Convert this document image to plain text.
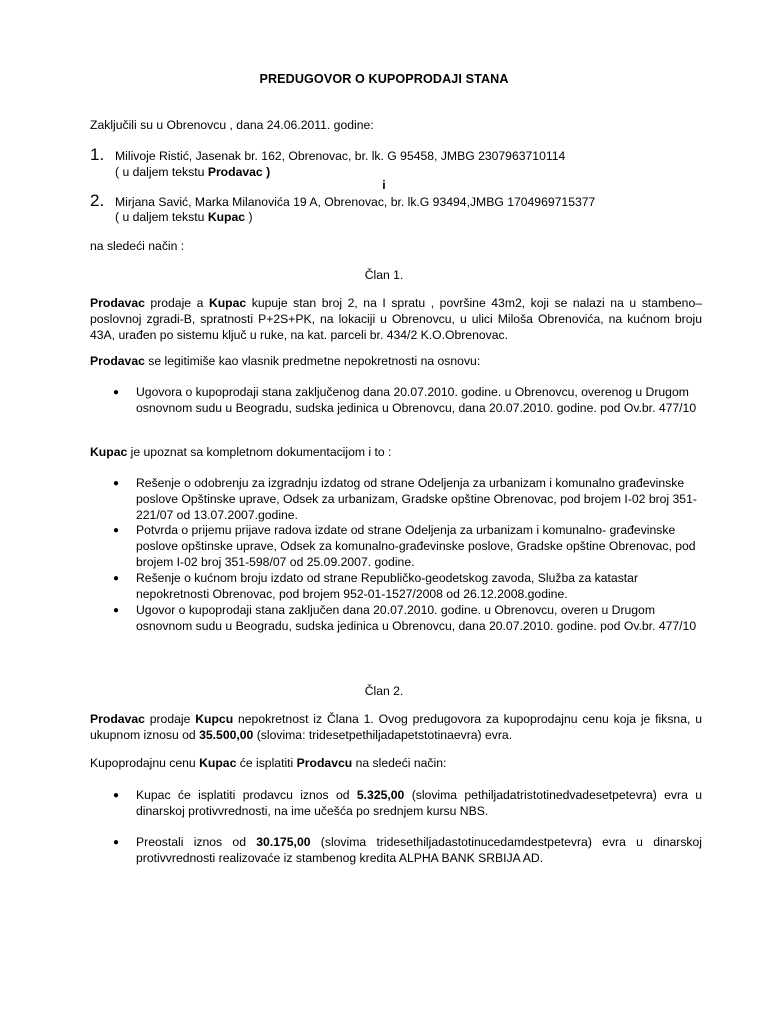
PREDUGOVOR O KUPOPRODAJI STANA
Zaključili su u Obrenovcu , dana 24.06.2011. godine:
1. Milivoje Ristić, Jasenak br. 162, Obrenovac, br. lk. G 95458, JMBG 2307963710114
( u daljem tekstu Prodavac )
i
2. Mirjana Savić, Marka Milanovića 19 A, Obrenovac, br. lk.G 93494,JMBG 1704969715377
( u daljem tekstu Kupac )
na sledeći način :
Član 1.
Prodavac prodaje a Kupac kupuje stan broj 2, na I spratu , površine 43m2, koji se nalazi na u stambeno–poslovnoj zgradi-B, spratnosti P+2S+PK, na lokaciji u Obrenovcu, u ulici Miloša Obrenovića, na kućnom broju 43A, urađen po sistemu ključ u ruke, na kat. parceli br. 434/2 K.O.Obrenovac.
Prodavac se legitimiše kao vlasnik predmetne nepokretnosti na osnovu:
● Ugovora o kupoprodaji stana zaključenog dana 20.07.2010. godine. u Obrenovcu, overenog u Drugom osnovnom sudu u Beogradu, sudska jedinica u Obrenovcu, dana 20.07.2010. godine. pod Ov.br. 477/10
Kupac je upoznat sa kompletnom dokumentacijom i to :
● Rešenje o odobrenju za izgradnju izdatog od strane Odeljenja za urbanizam i komunalno građevinske poslove Opštinske uprave, Odsek za urbanizam, Gradske opštine Obrenovac, pod brojem I-02 broj 351-221/07 od 13.07.2007.godine.
● Potvrda o prijemu prijave radova izdate od strane Odeljenja za urbanizam i komunalno- građevinske poslove opštinske uprave, Odsek za komunalno-građevinske poslove, Gradske opštine Obrenovac, pod brojem I-02 broj 351-598/07 od 25.09.2007. godine.
● Rešenje o kućnom broju izdato od strane Republičko-geodetskog zavoda, Služba za katastar nepokretnosti Obrenovac, pod brojem 952-01-1527/2008 od 26.12.2008.godine.
● Ugovor o kupoprodaji stana zaključen dana 20.07.2010. godine. u Obrenovcu, overen u Drugom osnovnom sudu u Beogradu, sudska jedinica u Obrenovcu, dana 20.07.2010. godine. pod Ov.br. 477/10
Član 2.
Prodavac prodaje Kupcu nepokretnost iz Člana 1. Ovog predugovora za kupoprodajnu cenu koja je fiksna, u ukupnom iznosu od 35.500,00 (slovima: tridesetpethiljadapetstotinaevra) evra.
Kupoprodajnu cenu Kupac će isplatiti Prodavcu na sledeći način:
● Kupac će isplatiti prodavcu iznos od 5.325,00 (slovima pethiljadatristotinedvadesetpetevra) evra u dinarskoj protivvrednosti, na ime učešća po srednjem kursu NBS.
● Preostali iznos od 30.175,00 (slovima tridesethiljadastotinucedamdestpetevra) evra u dinarskoj protivvrednosti realizovaće iz stambenog kredita ALPHA BANK SRBIJA AD.
